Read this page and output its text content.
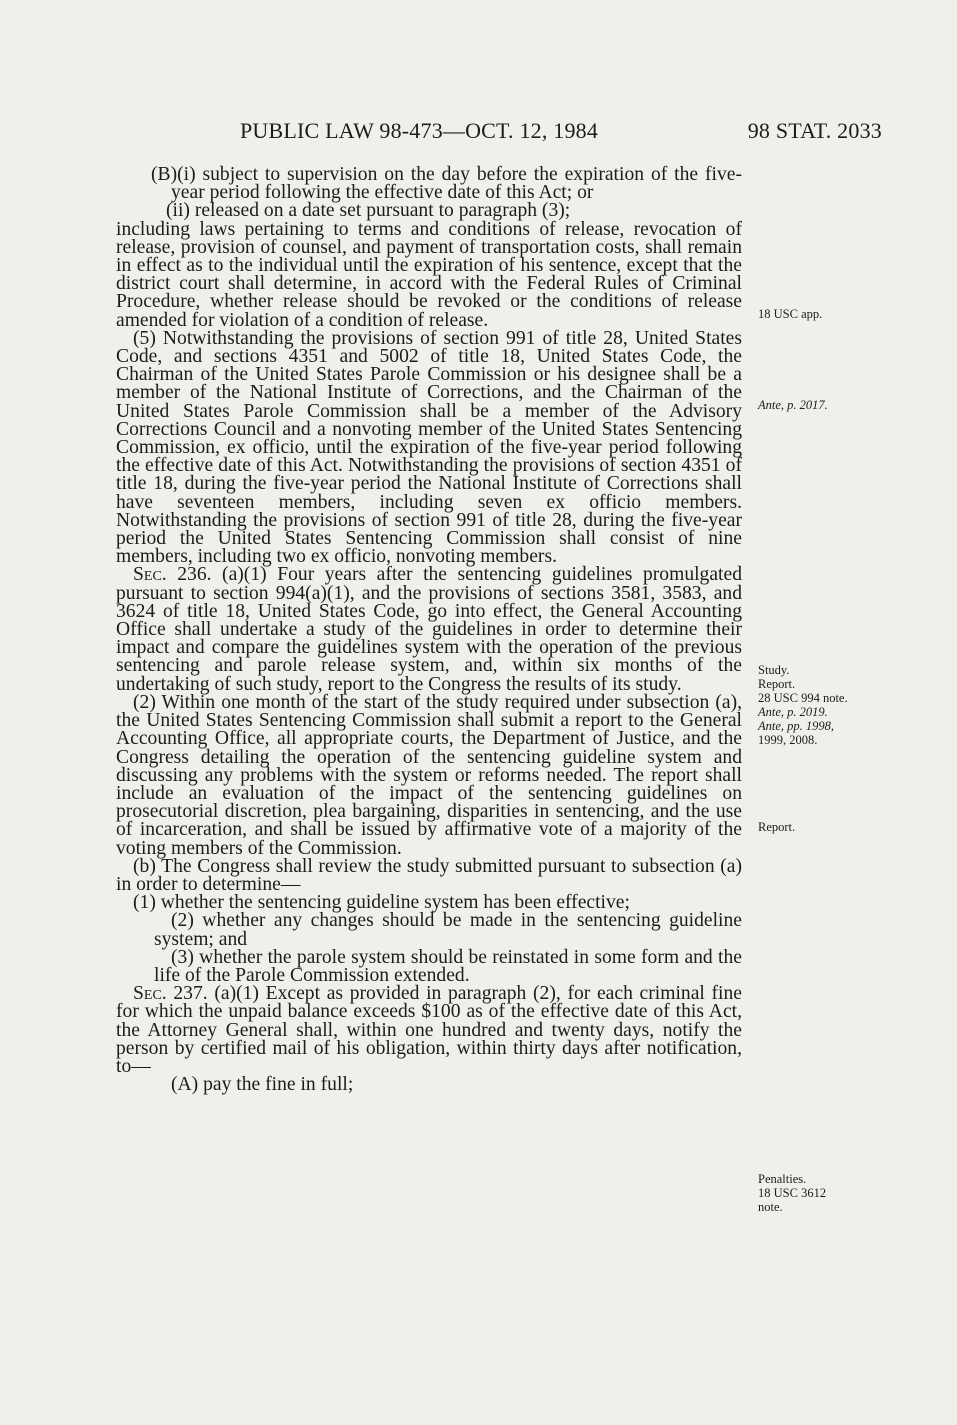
PUBLIC LAW 98-473—OCT. 12, 1984	98 STAT. 2033

(B)(i) subject to supervision on the day before the expiration of the five-year period following the effective date of this Act; or

(ii) released on a date set pursuant to paragraph (3);

including laws pertaining to terms and conditions of release, revocation of release, provision of counsel, and payment of transportation costs, shall remain in effect as to the individual until the expiration of his sentence, except that the district court shall determine, in accord with the Federal Rules of Criminal Procedure, whether release should be revoked or the conditions of release amended for violation of a condition of release.

(5) Notwithstanding the provisions of section 991 of title 28, United States Code, and sections 4351 and 5002 of title 18, United States Code, the Chairman of the United States Parole Commission or his designee shall be a member of the National Institute of Corrections, and the Chairman of the United States Parole Commission shall be a member of the Advisory Corrections Council and a nonvoting member of the United States Sentencing Commission, ex officio, until the expiration of the five-year period following the effective date of this Act. Notwithstanding the provisions of section 4351 of title 18, during the five-year period the National Institute of Corrections shall have seventeen members, including seven ex officio members. Notwithstanding the provisions of section 991 of title 28, during the five-year period the United States Sentencing Commission shall consist of nine members, including two ex officio, nonvoting members.

Sec. 236. (a)(1) Four years after the sentencing guidelines promulgated pursuant to section 994(a)(1), and the provisions of sections 3581, 3583, and 3624 of title 18, United States Code, go into effect, the General Accounting Office shall undertake a study of the guidelines in order to determine their impact and compare the guidelines system with the operation of the previous sentencing and parole release system, and, within six months of the undertaking of such study, report to the Congress the results of its study.

(2) Within one month of the start of the study required under subsection (a), the United States Sentencing Commission shall submit a report to the General Accounting Office, all appropriate courts, the Department of Justice, and the Congress detailing the operation of the sentencing guideline system and discussing any problems with the system or reforms needed. The report shall include an evaluation of the impact of the sentencing guidelines on prosecutorial discretion, plea bargaining, disparities in sentencing, and the use of incarceration, and shall be issued by affirmative vote of a majority of the voting members of the Commission.

(b) The Congress shall review the study submitted pursuant to subsection (a) in order to determine—

(1) whether the sentencing guideline system has been effective;

(2) whether any changes should be made in the sentencing guideline system; and

(3) whether the parole system should be reinstated in some form and the life of the Parole Commission extended.

Sec. 237. (a)(1) Except as provided in paragraph (2), for each criminal fine for which the unpaid balance exceeds $100 as of the effective date of this Act, the Attorney General shall, within one hundred and twenty days, notify the person by certified mail of his obligation, within thirty days after notification, to—

(A) pay the fine in full;

18 USC app.
Ante, p. 2017.
Study.
Report.
28 USC 994 note.
Ante, p. 2019.
Ante, pp. 1998,
1999, 2008.
Report.
Penalties.
18 USC 3612
note.
